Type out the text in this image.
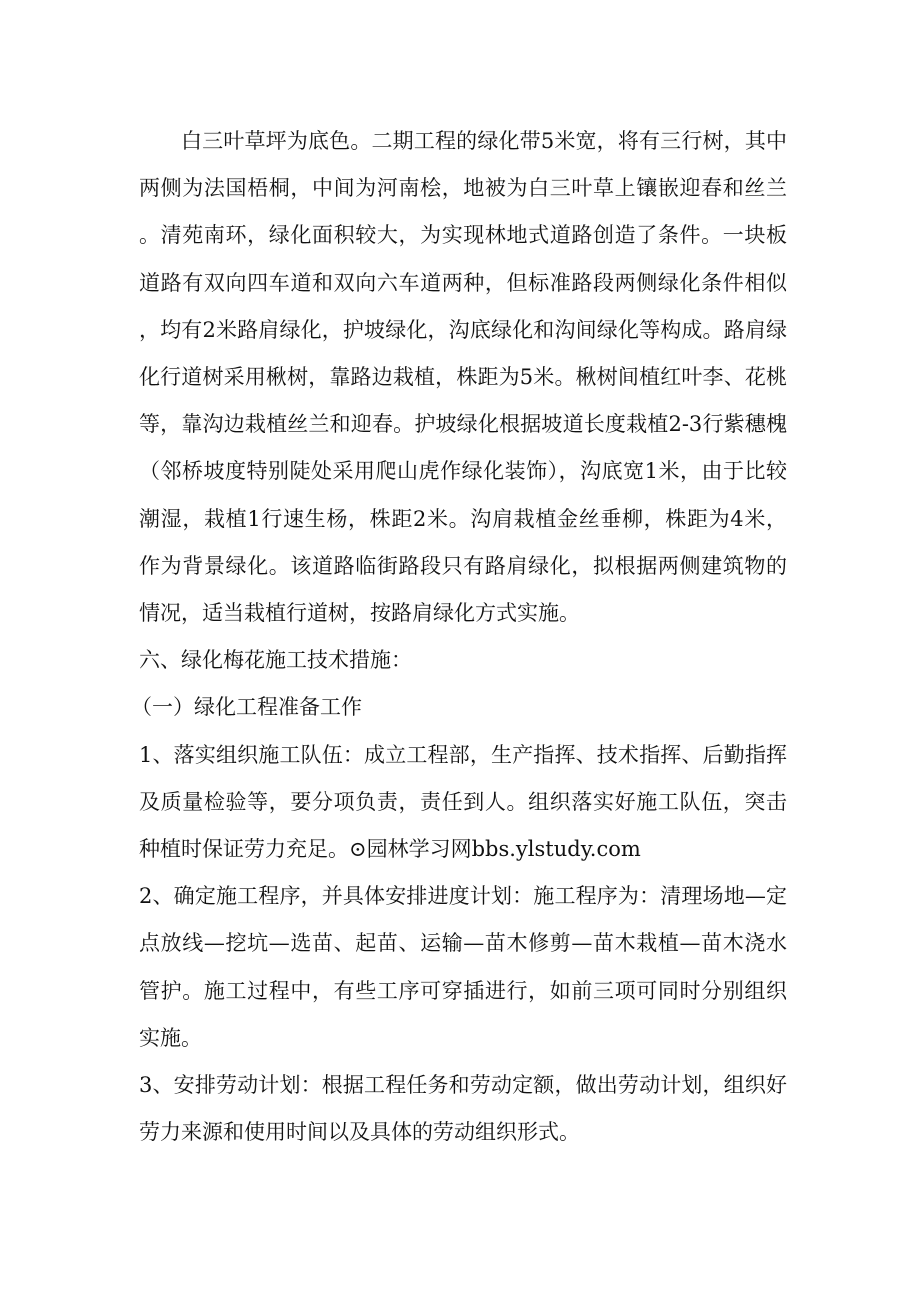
白三叶草坪为底色。二期工程的绿化带5米宽，将有三行树，其中两侧为法国梧桐，中间为河南桧，地被为白三叶草上镶嵌迎春和丝兰。清苑南环，绿化面积较大，为实现林地式道路创造了条件。一块板道路有双向四车道和双向六车道两种，但标准路段两侧绿化条件相似，均有2米路肩绿化，护坡绿化，沟底绿化和沟间绿化等构成。路肩绿化行道树采用楸树，靠路边栽植，株距为5米。楸树间植红叶李、花桃等，靠沟边栽植丝兰和迎春。护坡绿化根据坡道长度栽植2-3行紫穗槐（邻桥坡度特别陡处采用爬山虎作绿化装饰），沟底宽1米，由于比较潮湿，栽植1行速生杨，株距2米。沟肩栽植金丝垂柳，株距为4米，作为背景绿化。该道路临街路段只有路肩绿化，拟根据两侧建筑物的情况，适当栽植行道树，按路肩绿化方式实施。

六、绿化梅花施工技术措施：

（一）绿化工程准备工作

1、落实组织施工队伍：成立工程部，生产指挥、技术指挥、后勤指挥及质量检验等，要分项负责，责任到人。组织落实好施工队伍，突击种植时保证劳力充足。⊙园林学习网bbs.ylstudy.com

2、确定施工程序，并具体安排进度计划：施工程序为：清理场地—定点放线—挖坑—选苗、起苗、运输—苗木修剪—苗木栽植—苗木浇水管护。施工过程中，有些工序可穿插进行，如前三项可同时分别组织实施。

3、安排劳动计划：根据工程任务和劳动定额，做出劳动计划，组织好劳力来源和使用时间以及具体的劳动组织形式。
